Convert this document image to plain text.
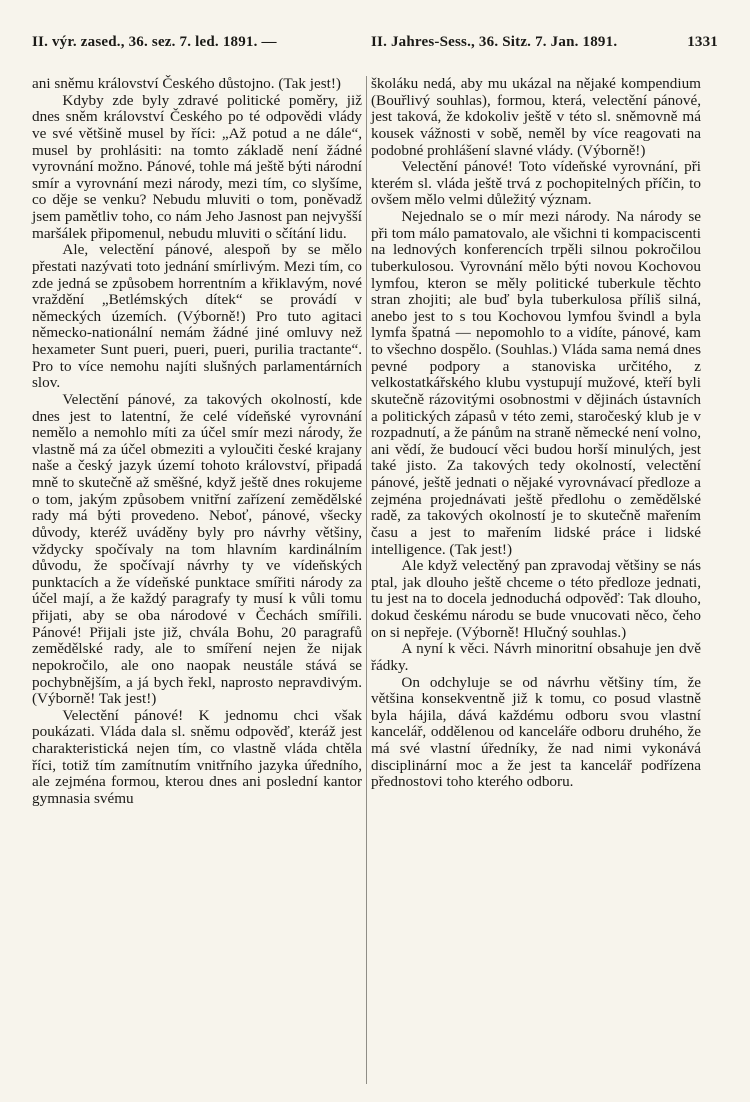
II. výr. zased., 36. sez. 7. led. 1891. —	II. Jahres-Sess., 36. Sitz. 7. Jan. 1891.	1331

ani sněmu království Českého důstojno. (Tak jest!)

Kdyby zde byly zdravé politické poměry, již dnes sněm království Českého po té odpovědi vlády ve své většině musel by říci: „Až potud a ne dále“, musel by prohlásiti: na tomto základě není žádné vyrovnání možno. Pánové, tohle má ještě býti národní smír a vyrovnání mezi národy, mezi tím, co slyšíme, co děje se venku? Nebudu mluviti o tom, poněvadž jsem pamětliv toho, co nám Jeho Jasnost pan nejvyšší maršálek připomenul, nebudu mluviti o sčítání lidu.

Ale, velectění pánové, alespoň by se mělo přestati nazývati toto jednání smírlivým. Mezi tím, co zde jedná se způsobem horrentním a křiklavým, nové vraždění „Betlémských dítek“ se provádí v německých územích. (Výborně!) Pro tuto agitaci německo-nationální nemám žádné jiné omluvy než hexameter Sunt pueri, pueri, pueri, purilia tractante“. Pro to více nemohu najíti slušných parlamentárních slov.

Velectění pánové, za takových okolností, kde dnes jest to latentní, že celé vídeňské vyrovnání nemělo a nemohlo míti za účel smír mezi národy, že vlastně má za účel obmeziti a vyloučiti české krajany naše a český jazyk území tohoto království, připadá mně to skutečně až směšné, když ještě dnes rokujeme o tom, jakým způsobem vnitřní zařízení zemědělské rady má býti provedeno. Neboť, pánové, všecky důvody, kteréž uváděny byly pro návrhy většiny, vždycky spočívaly na tom hlavním kardinálním důvodu, že spočívají návrhy ty ve vídeňských punktacích a že vídeňské punktace smířiti národy za účel mají, a že každý paragrafy ty musí k vůli tomu přijati, aby se oba národové v Čechách smířili. Pánové! Přijali jste již, chvála Bohu, 20 paragrafů zemědělské rady, ale to smíření nejen že nijak nepokročilo, ale ono naopak neustále stává se pochybnějším, a já bych řekl, naprosto nepravdivým. (Výborně! Tak jest!)

Velectění pánové! K jednomu chci však poukázati. Vláda dala sl. sněmu odpověď, kteráž jest charakteristická nejen tím, co vlastně vláda chtěla říci, totiž tím zamítnutím vnitřního jazyka úředního, ale zejména formou, kterou dnes ani poslední kantor gymnasia svému

školáku nedá, aby mu ukázal na nějaké kompendium (Bouřlivý souhlas), formou, která, velectění pánové, jest taková, že kdokoliv ještě v této sl. sněmovně má kousek vážnosti v sobě, neměl by více reagovati na podobné prohlášení slavné vlády. (Výborně!)

Velectění pánové! Toto vídeňské vyrovnání, při kterém sl. vláda ještě trvá z pochopitelných příčin, to ovšem mělo velmi důležitý význam.

Nejednalo se o mír mezi národy. Na národy se při tom málo pamatovalo, ale všichni ti kompaciscenti na lednových konferencích trpěli silnou pokročilou tuberkulosou. Vyrovnání mělo býti novou Kochovou lymfou, kteron se měly politické tuberkule těchto stran zhojiti; ale buď byla tuberkulosa příliš silná, anebo jest to s tou Kochovou lymfou švindl a byla lymfa špatná — nepomohlo to a vidíte, pánové, kam to všechno dospělo. (Souhlas.) Vláda sama nemá dnes pevné podpory a stanoviska určitého, z velkostatkářského klubu vystupují mužové, kteří byli skutečně rázovitými osobnostmi v dějinách ústavních a politických zápasů v této zemi, staročeský klub je v rozpadnutí, a že pánům na straně německé není volno, ani vědí, že budoucí věci budou horší minulých, jest také jisto. Za takových tedy okolností, velectění pánové, ještě jednati o nějaké vyrovnávací předloze a zejména projednávati ještě předlohu o zemědělské radě, za takových okolností je to skutečně mařením času a jest to mařením lidské práce i lidské intelligence. (Tak jest!)

Ale když velectěný pan zpravodaj většiny se nás ptal, jak dlouho ještě chceme o této předloze jednati, tu jest na to docela jednoduchá odpověď: Tak dlouho, dokud českému národu se bude vnucovati něco, čeho on si nepřeje. (Výborně! Hlučný souhlas.)

A nyní k věci. Návrh minoritní obsahuje jen dvě řádky.

On odchyluje se od návrhu většiny tím, že většina konsekventně již k tomu, co posud vlastně byla hájila, dává každému odboru svou vlastní kancelář, oddělenou od kanceláře odboru druhého, že má své vlastní úředníky, že nad nimi vykonává disciplinární moc a že jest ta kancelář podřízena přednostovi toho kterého odboru.
